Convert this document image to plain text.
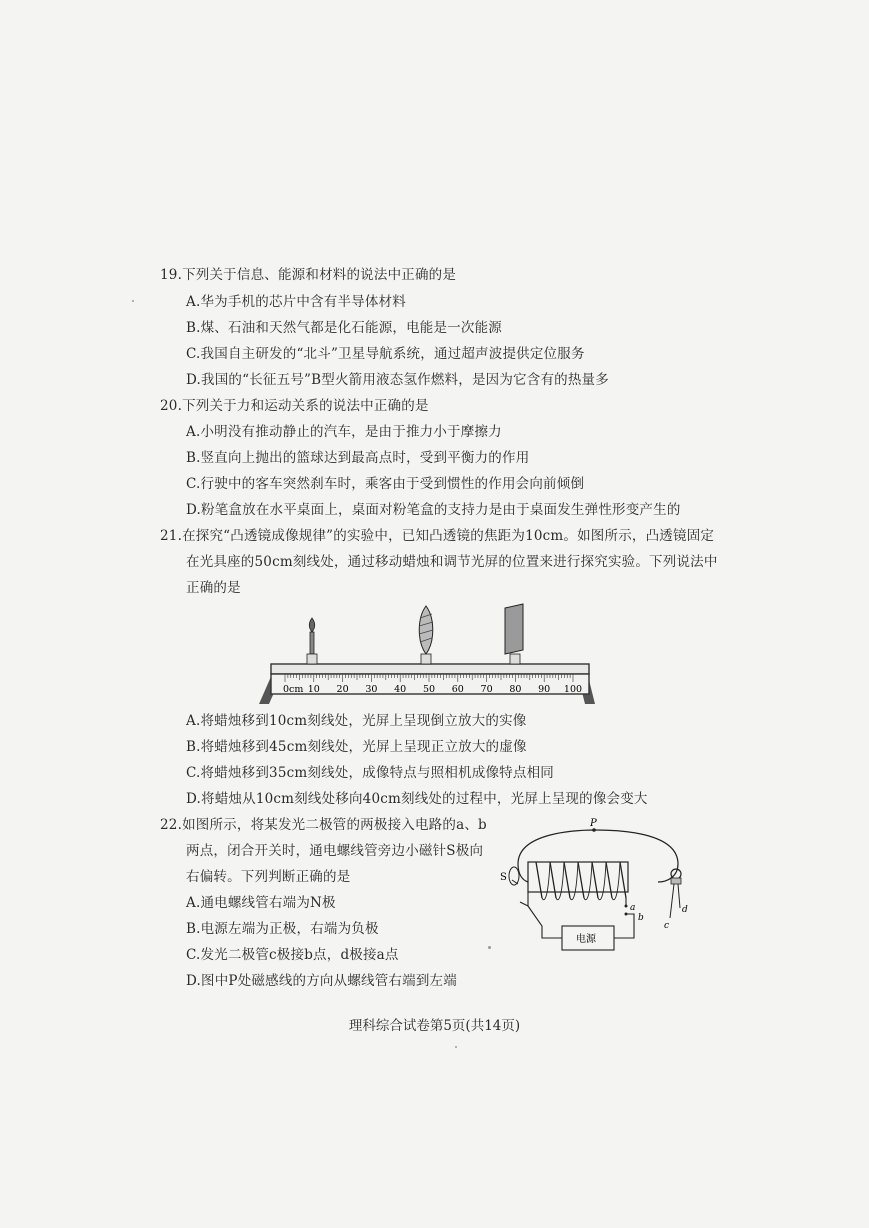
19.下列关于信息、能源和材料的说法中正确的是
A.华为手机的芯片中含有半导体材料
B.煤、石油和天然气都是化石能源，电能是一次能源
C.我国自主研发的“北斗”卫星导航系统，通过超声波提供定位服务
D.我国的“长征五号”B型火箭用液态氢作燃料，是因为它含有的热量多
20.下列关于力和运动关系的说法中正确的是
A.小明没有推动静止的汽车，是由于推力小于摩擦力
B.竖直向上抛出的篮球达到最高点时，受到平衡力的作用
C.行驶中的客车突然刹车时，乘客由于受到惯性的作用会向前倾倒
D.粉笔盒放在水平桌面上，桌面对粉笔盒的支持力是由于桌面发生弹性形变产生的
21.在探究“凸透镜成像规律”的实验中，已知凸透镜的焦距为10cm。如图所示，凸透镜固定
在光具座的50cm刻线处，通过移动蜡烛和调节光屏的位置来进行探究实验。下列说法中
正确的是
0cm 10 20 30 40 50 60 70 80 90 100
A.将蜡烛移到10cm刻线处，光屏上呈现倒立放大的实像
B.将蜡烛移到45cm刻线处，光屏上呈现正立放大的虚像
C.将蜡烛移到35cm刻线处，成像特点与照相机成像特点相同
D.将蜡烛从10cm刻线处移向40cm刻线处的过程中，光屏上呈现的像会变大
22.如图所示，将某发光二极管的两极接入电路的a、b
两点，闭合开关时，通电螺线管旁边小磁针S极向
右偏转。下列判断正确的是
A.通电螺线管右端为N极
B.电源左端为正极，右端为负极
C.发光二极管c极接b点，d极接a点
D.图中P处磁感线的方向从螺线管右端到左端
P
S
电源
a
b
c
d
理科综合试卷第5页(共14页)
